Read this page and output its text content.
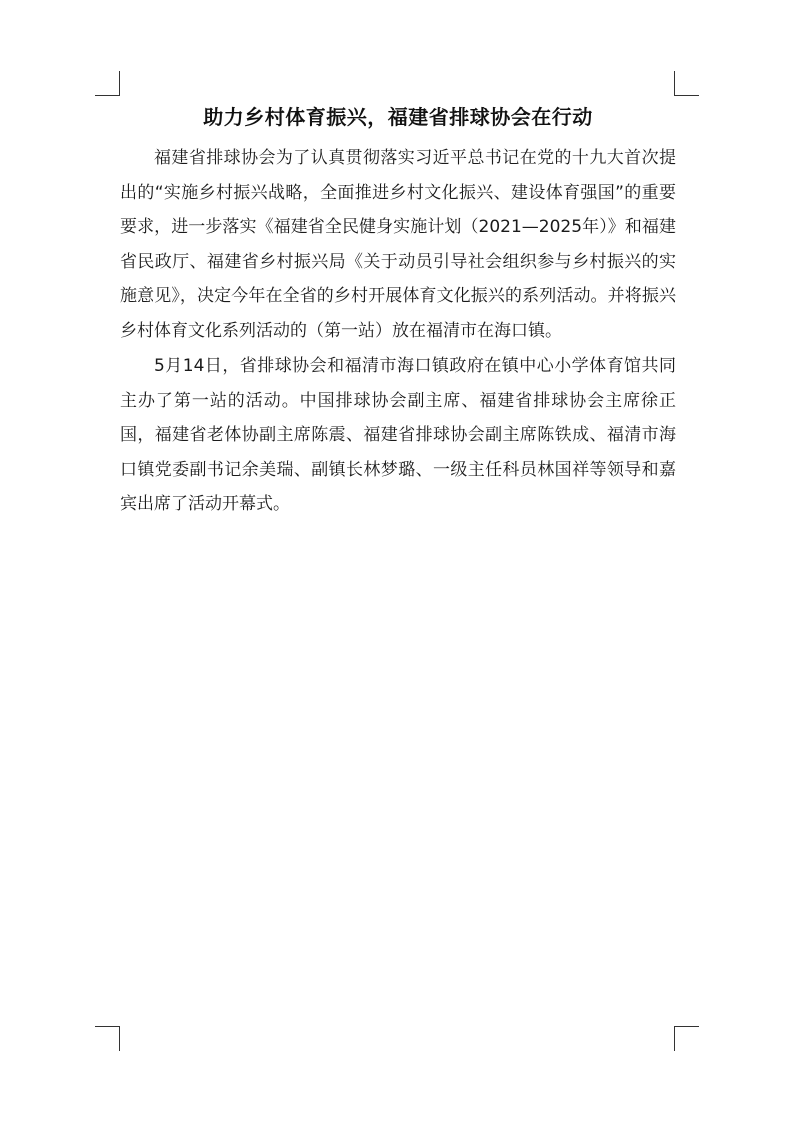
助力乡村体育振兴，福建省排球协会在行动

福建省排球协会为了认真贯彻落实习近平总书记在党的十九大首次提出的“实施乡村振兴战略，全面推进乡村文化振兴、建设体育强国”的重要要求，进一步落实《福建省全民健身实施计划（2021—2025年）》和福建省民政厅、福建省乡村振兴局《关于动员引导社会组织参与乡村振兴的实施意见》，决定今年在全省的乡村开展体育文化振兴的系列活动。并将振兴乡村体育文化系列活动的（第一站）放在福清市在海口镇。

5月14日，省排球协会和福清市海口镇政府在镇中心小学体育馆共同主办了第一站的活动。中国排球协会副主席、福建省排球协会主席徐正国，福建省老体协副主席陈震、福建省排球协会副主席陈铁成、福清市海口镇党委副书记余美瑞、副镇长林梦璐、一级主任科员林国祥等领导和嘉宾出席了活动开幕式。
